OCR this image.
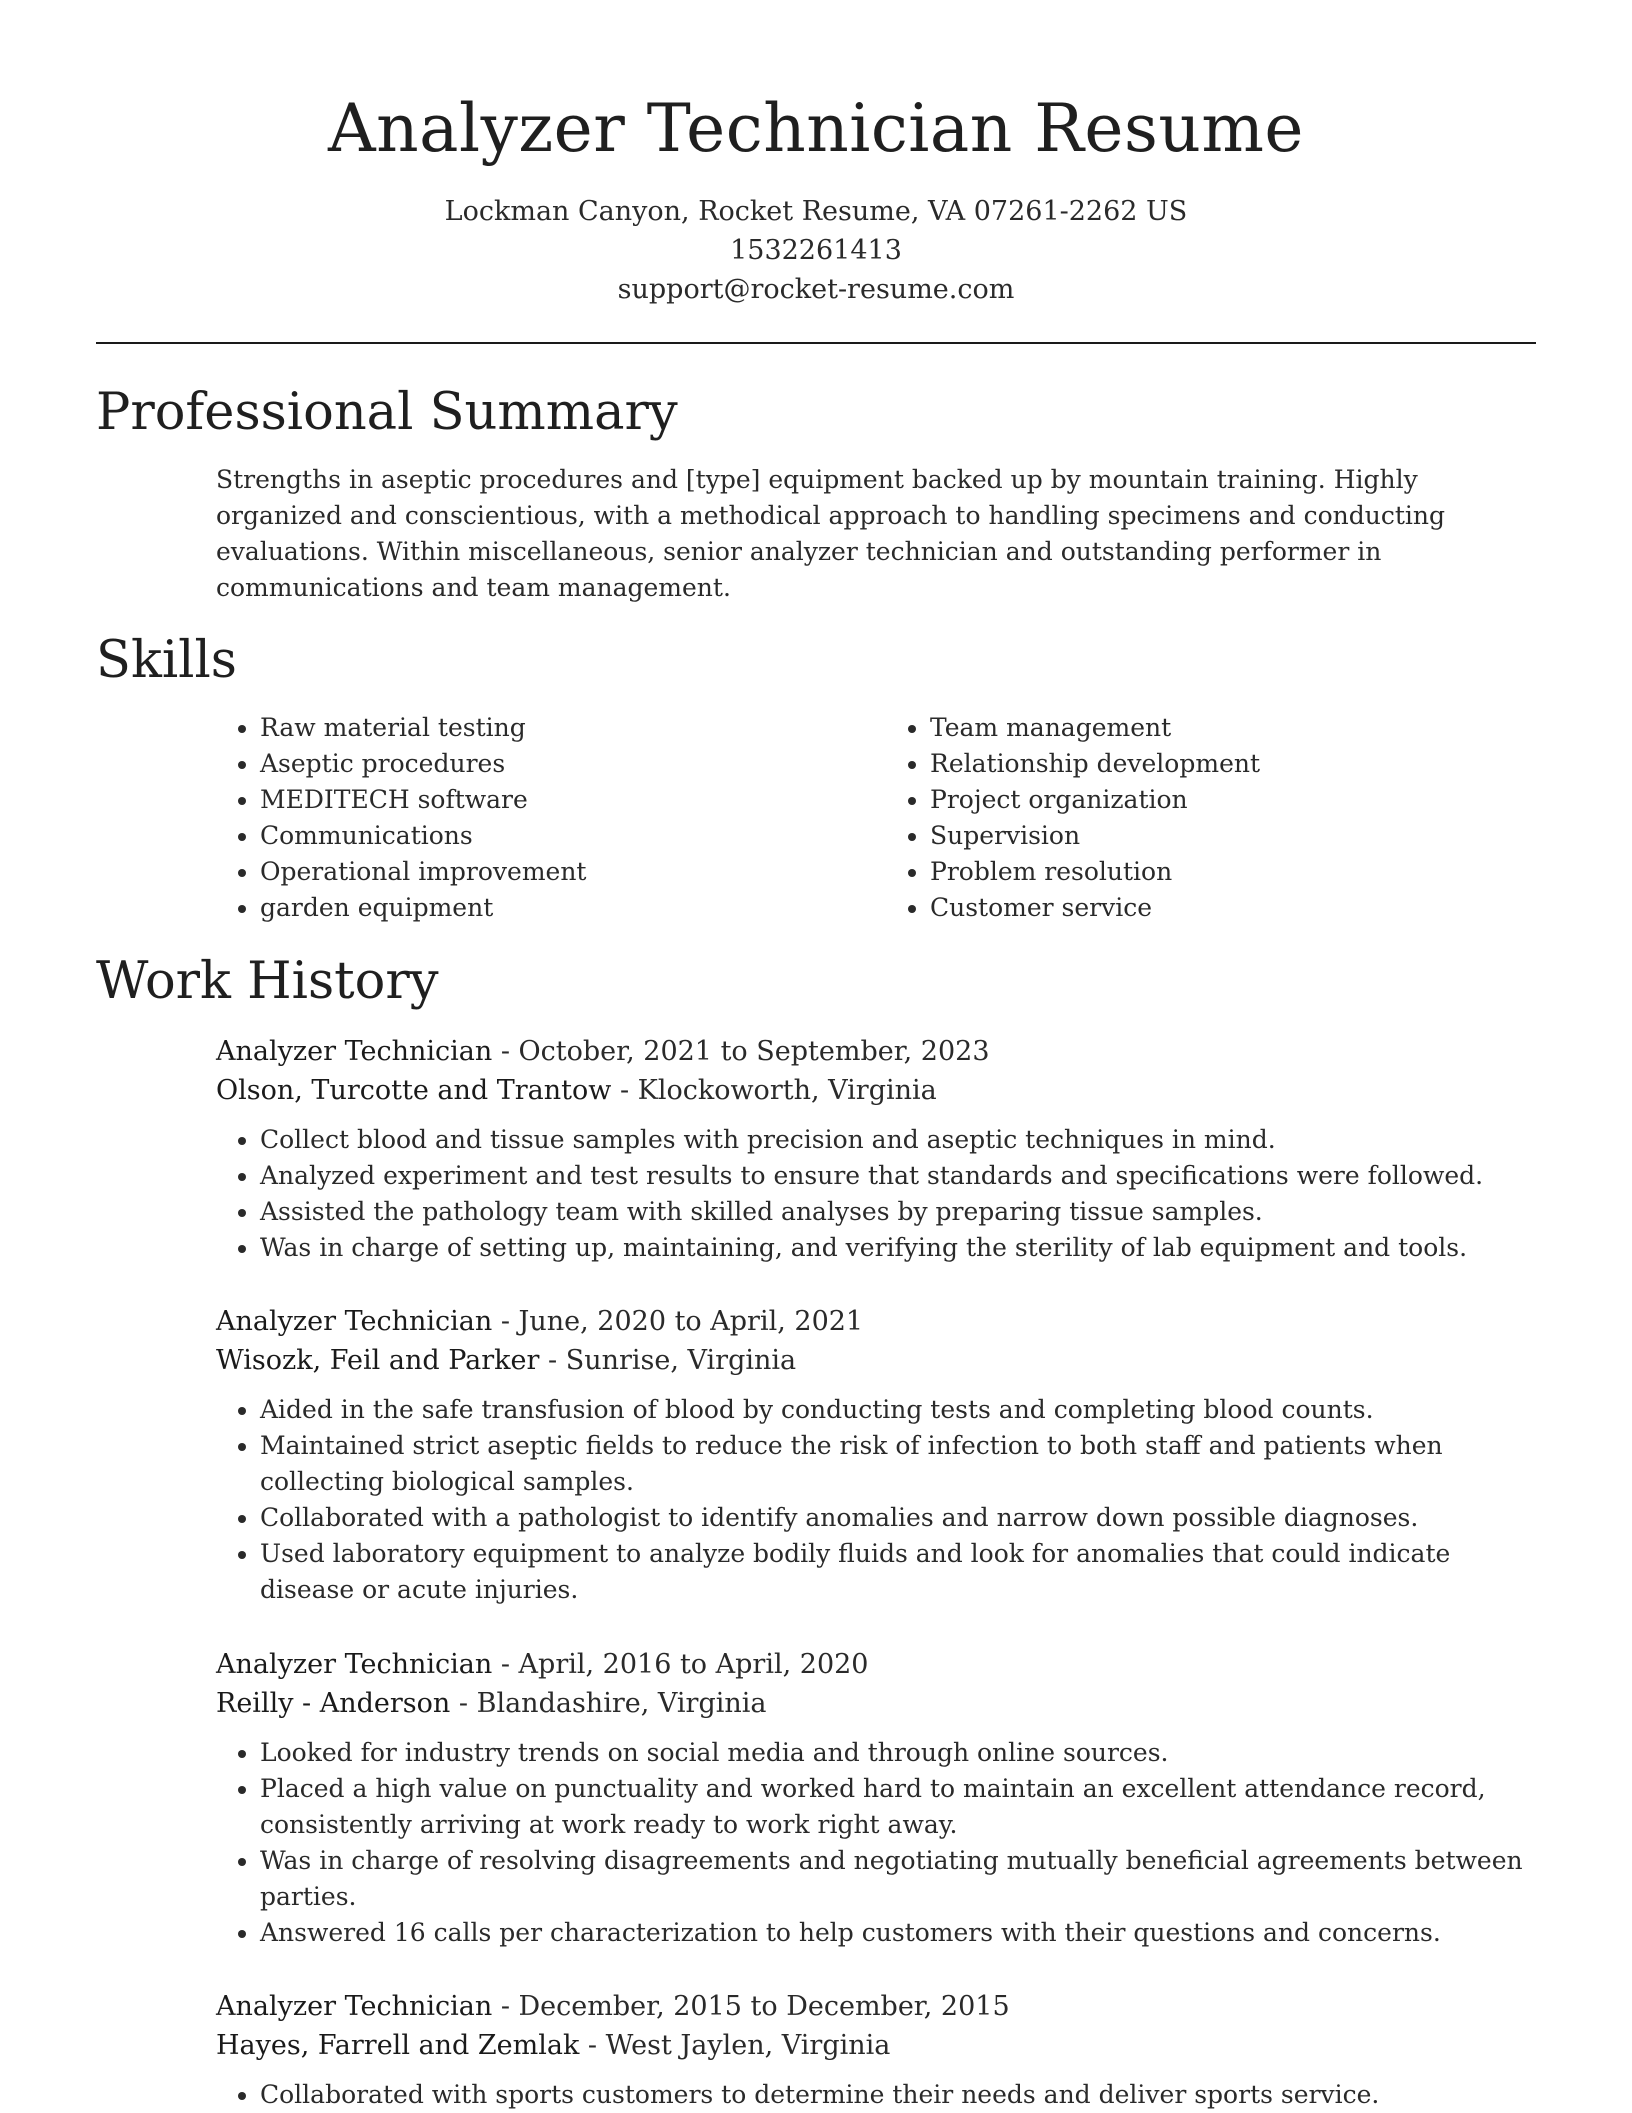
Analyzer Technician Resume
Lockman Canyon, Rocket Resume, VA 07261-2262 US
1532261413
support@rocket-resume.com
Professional Summary
Strengths in aseptic procedures and [type] equipment backed up by mountain training. Highly organized and conscientious, with a methodical approach to handling specimens and conducting evaluations. Within miscellaneous, senior analyzer technician and outstanding performer in communications and team management.
Skills
• Raw material testing
• Aseptic procedures
• MEDITECH software
• Communications
• Operational improvement
• garden equipment
• Team management
• Relationship development
• Project organization
• Supervision
• Problem resolution
• Customer service
Work History
Analyzer Technician - October, 2021 to September, 2023
Olson, Turcotte and Trantow - Klockoworth, Virginia
• Collect blood and tissue samples with precision and aseptic techniques in mind.
• Analyzed experiment and test results to ensure that standards and specifications were followed.
• Assisted the pathology team with skilled analyses by preparing tissue samples.
• Was in charge of setting up, maintaining, and verifying the sterility of lab equipment and tools.
Analyzer Technician - June, 2020 to April, 2021
Wisozk, Feil and Parker - Sunrise, Virginia
• Aided in the safe transfusion of blood by conducting tests and completing blood counts.
• Maintained strict aseptic fields to reduce the risk of infection to both staff and patients when collecting biological samples.
• Collaborated with a pathologist to identify anomalies and narrow down possible diagnoses.
• Used laboratory equipment to analyze bodily fluids and look for anomalies that could indicate disease or acute injuries.
Analyzer Technician - April, 2016 to April, 2020
Reilly - Anderson - Blandashire, Virginia
• Looked for industry trends on social media and through online sources.
• Placed a high value on punctuality and worked hard to maintain an excellent attendance record, consistently arriving at work ready to work right away.
• Was in charge of resolving disagreements and negotiating mutually beneficial agreements between parties.
• Answered 16 calls per characterization to help customers with their questions and concerns.
Analyzer Technician - December, 2015 to December, 2015
Hayes, Farrell and Zemlak - West Jaylen, Virginia
• Collaborated with sports customers to determine their needs and deliver sports service.
